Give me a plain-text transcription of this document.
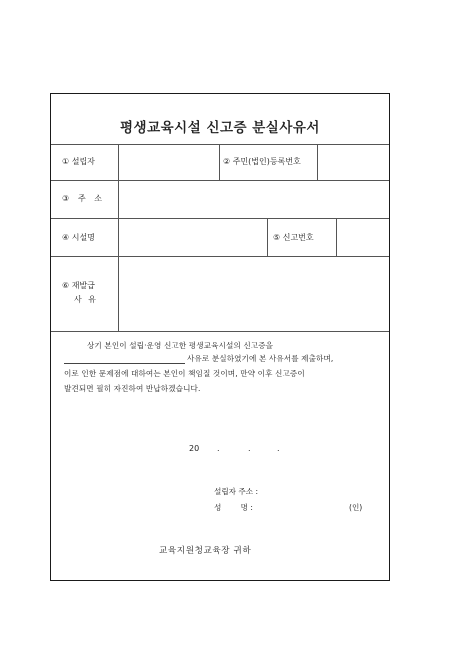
평생교육시설 신고증 분실사유서
① 설립자	② 주민(법인)등록번호
③ 주 소
④ 시설명	⑤ 신고번호
⑥ 재발급
사 유
상기 본인이 설립·운영 신고한 평생교육시설의 신고증을
사유로 분실하였기에 본 사유서를 제출하며,
이로 인한 문제점에 대하여는 본인이 책임질 것이며, 만약 이후 신고증이
발견되면 필히 자진하여 반납하겠습니다.
20 .	.	.
설립자 주소 :
성        명 :	(인)
교육지원청교육장 귀하
